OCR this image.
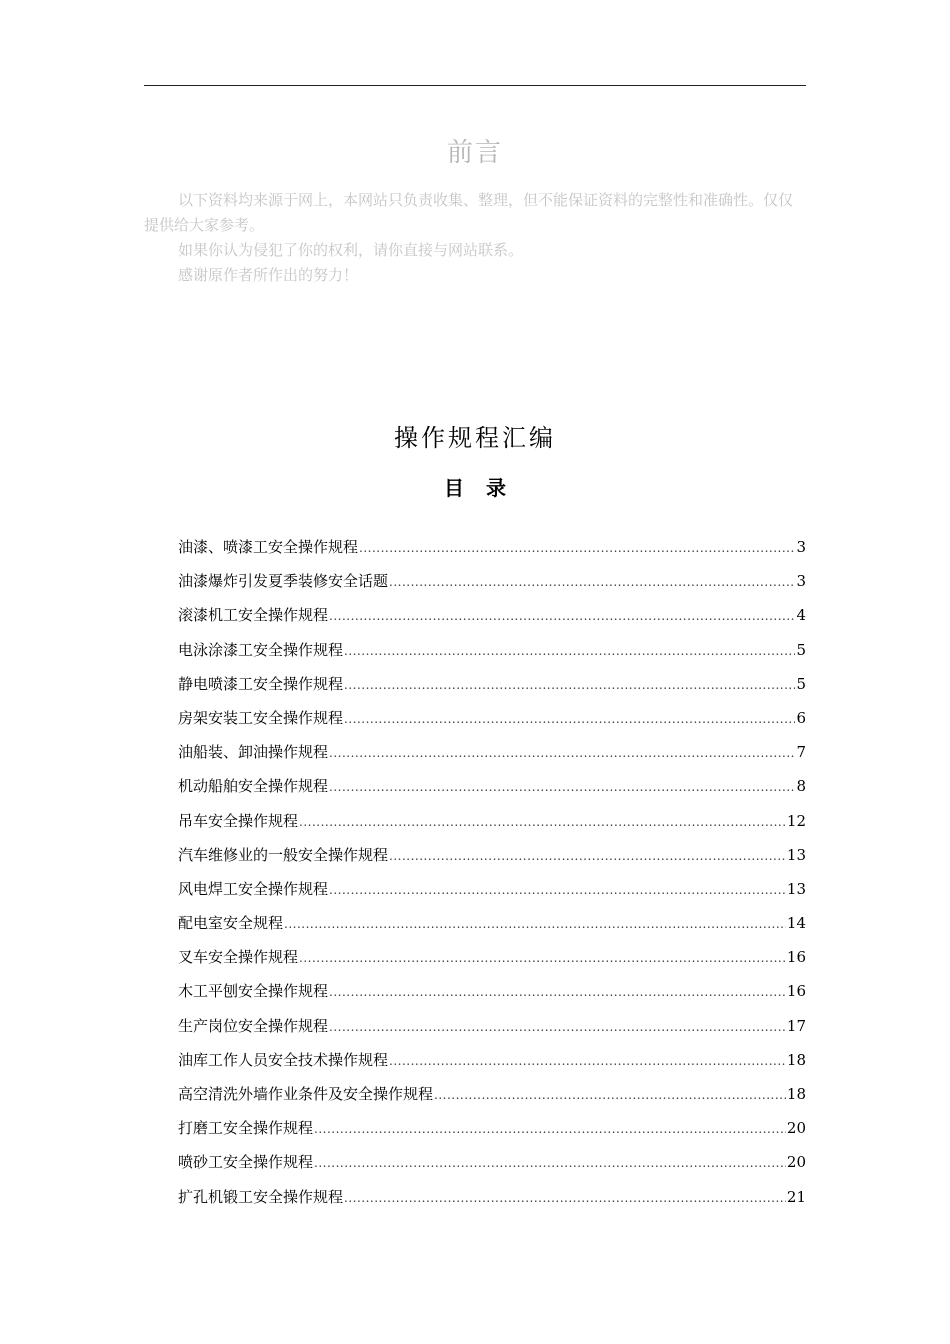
前言

以下资料均来源于网上，本网站只负责收集、整理，但不能保证资料的完整性和准确性。仅仅提供给大家参考。

如果你认为侵犯了你的权利，请你直接与网站联系。

感谢原作者所作出的努力！

操作规程汇编
目录
油漆、喷漆工安全操作规程 .....	3
油漆爆炸引发夏季装修安全话题 .....	3
滚漆机工安全操作规程 .....	4
电泳涂漆工安全操作规程 .....	5
静电喷漆工安全操作规程 .....	5
房架安装工安全操作规程 .....	6
油船装、卸油操作规程 .....	7
机动船舶安全操作规程 .....	8
吊车安全操作规程 .....	12
汽车维修业的一般安全操作规程 .....	13
风电焊工安全操作规程 .....	13
配电室安全规程 .....	14
叉车安全操作规程 .....	16
木工平刨安全操作规程 .....	16
生产岗位安全操作规程 .....	17
油库工作人员安全技术操作规程 .....	18
高空清洗外墙作业条件及安全操作规程 .....	18
打磨工安全操作规程 .....	20
喷砂工安全操作规程 .....	20
扩孔机锻工安全操作规程 .....	21
